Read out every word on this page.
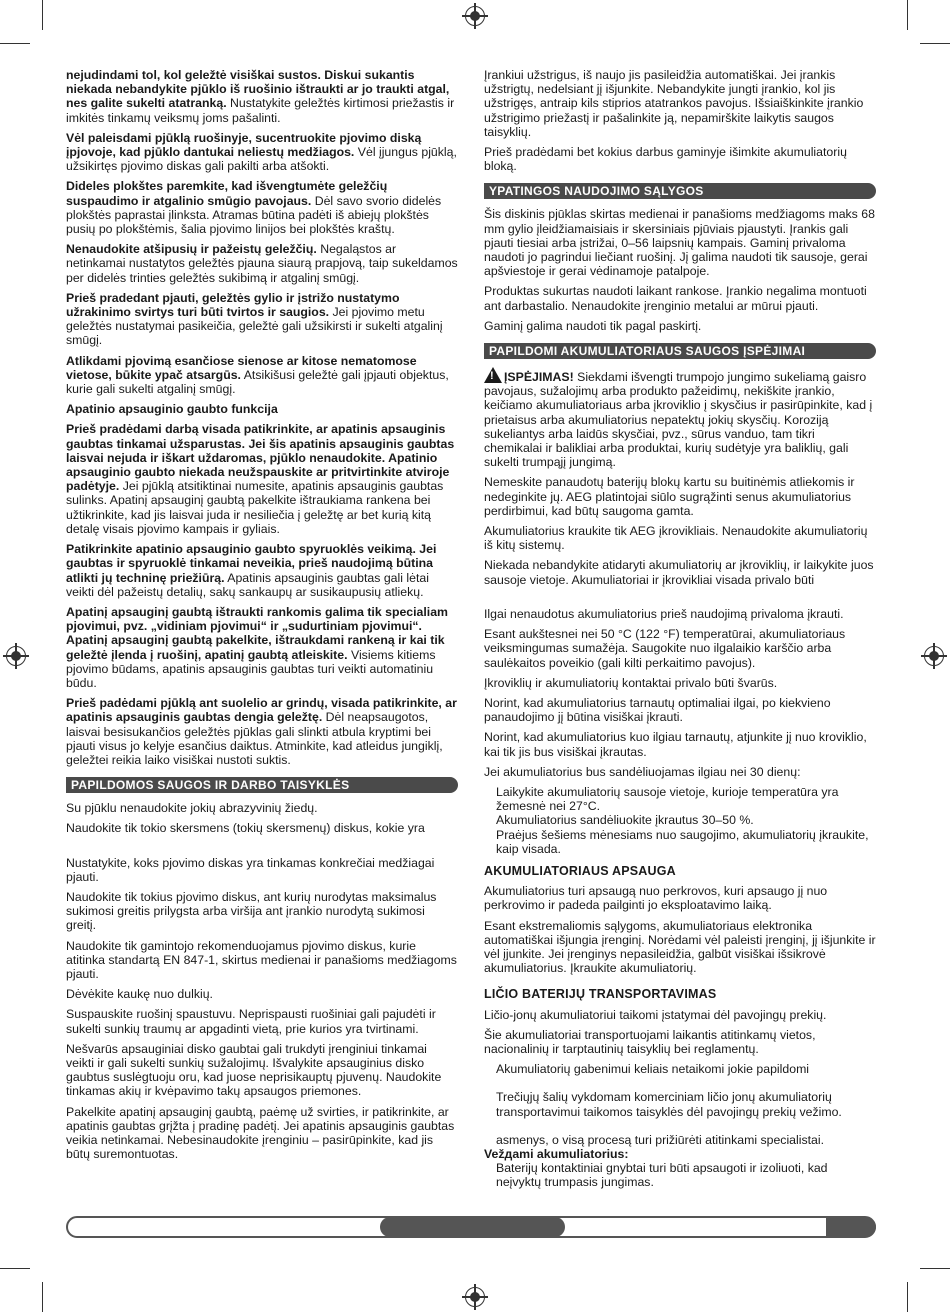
nejudindami tol, kol geležtė visiškai sustos. Diskui sukantis niekada nebandykite pjūklo iš ruošinio ištraukti ar jo traukti atgal, nes galite sukelti atatranką. Nustatykite geležtės kirtimosi priežastis ir imkitės tinkamų veiksmų joms pašalinti.

Vėl paleisdami pjūklą ruošinyje, sucentruokite pjovimo diską įpjovoje, kad pjūklo dantukai neliestų medžiagos. Vėl įjungus pjūklą, užsikirtęs pjovimo diskas gali pakilti arba atšokti.

Dideles plokštes paremkite, kad išvengtumėte geležčių suspaudimo ir atgalinio smūgio pavojaus. Dėl savo svorio didelės plokštės paprastai įlinksta. Atramas būtina padėti iš abiejų plokštės pusių po plokštėmis, šalia pjovimo linijos bei plokštės kraštų.

Nenaudokite atšipusių ir pažeistų geležčių. Negaląstos ar netinkamai nustatytos geležtės pjauna siaurą prapjovą, taip sukeldamos per didelės trinties geležtės sukibimą ir atgalinį smūgį.

Prieš pradedant pjauti, geležtės gylio ir įstrižo nustatymo užrakinimo svirtys turi būti tvirtos ir saugios. Jei pjovimo metu geležtės nustatymai pasikeičia, geležtė gali užsikirsti ir sukelti atgalinį smūgį.

Atlikdami pjovimą esančiose sienose ar kitose nematomose vietose, būkite ypač atsargūs. Atsikišusi geležtė gali įpjauti objektus, kurie gali sukelti atgalinį smūgį.

Apatinio apsauginio gaubto funkcija

Prieš pradėdami darbą visada patikrinkite, ar apatinis apsauginis gaubtas tinkamai užsparustas. Jei šis apatinis apsauginis gaubtas laisvai nejuda ir iškart uždaromas, pjūklo nenaudokite. Apatinio apsauginio gaubto niekada neužspauskite ar pritvirtinkite atviroje padėtyje. Jei pjūklą atsitiktinai numesite, apatinis apsauginis gaubtas sulinks. Apatinį apsauginį gaubtą pakelkite ištraukiama rankena bei užtikrinkite, kad jis laisvai juda ir nesiliečia į geležtę ar bet kurią kitą detalę visais pjovimo kampais ir gyliais.

Patikrinkite apatinio apsauginio gaubto spyruoklės veikimą. Jei gaubtas ir spyruoklė tinkamai neveikia, prieš naudojimą būtina atlikti jų techninę priežiūrą. Apatinis apsauginis gaubtas gali lėtai veikti dėl pažeistų detalių, sakų sankaupų ar susikaupusių atliekų.

Apatinį apsauginį gaubtą ištraukti rankomis galima tik specialiam pjovimui, pvz. „vidiniam pjovimui“ ir „sudurtiniam pjovimui“. Apatinį apsauginį gaubtą pakelkite, ištraukdami rankeną ir kai tik geležtė įlenda į ruošinį, apatinį gaubtą atleiskite. Visiems kitiems pjovimo būdams, apatinis apsauginis gaubtas turi veikti automatiniu būdu.

Prieš padėdami pjūklą ant suolelio ar grindų, visada patikrinkite, ar apatinis apsauginis gaubtas dengia geležtę. Dėl neapsaugotos, laisvai besisukančios geležtės pjūklas gali slinkti atbula kryptimi bei pjauti visus jo kelyje esančius daiktus. Atminkite, kad atleidus jungiklį, geležtei reikia laiko visiškai nustoti suktis.

PAPILDOMOS SAUGOS IR DARBO TAISYKLĖS

Su pjūklu nenaudokite jokių abrazyvinių žiedų.

Naudokite tik tokio skersmens (tokių skersmenų) diskus, kokie yra

Nustatykite, koks pjovimo diskas yra tinkamas konkrečiai medžiagai pjauti.

Naudokite tik tokius pjovimo diskus, ant kurių nurodytas maksimalus sukimosi greitis prilygsta arba viršija ant įrankio nurodytą sukimosi greitį.

Naudokite tik gamintojo rekomenduojamus pjovimo diskus, kurie atitinka standartą EN 847-1, skirtus medienai ir panašioms medžiagoms pjauti.

Dėvėkite kaukę nuo dulkių.

Suspauskite ruošinį spaustuvu. Neprispausti ruošiniai gali pajudėti ir sukelti sunkių traumų ar apgadinti vietą, prie kurios yra tvirtinami.

Nešvarūs apsauginiai disko gaubtai gali trukdyti įrenginiui tinkamai veikti ir gali sukelti sunkių sužalojimų. Išvalykite apsauginius disko gaubtus suslėgtuoju oru, kad juose neprisikauptų pjuvenų. Naudokite tinkamas akių ir kvėpavimo takų apsaugos priemones.

Pakelkite apatinį apsauginį gaubtą, paėmę už svirties, ir patikrinkite, ar apatinis gaubtas grįžta į pradinę padėtį. Jei apatinis apsauginis gaubtas veikia netinkamai. Nebesinaudokite įrenginiu – pasirūpinkite, kad jis būtų suremontuotas.

Įrankiui užstrigus, iš naujo jis pasileidžia automatiškai. Jei įrankis užstrigtų, nedelsiant jį išjunkite. Nebandykite jungti įrankio, kol jis užstrigęs, antraip kils stiprios atatrankos pavojus. Išsiaiškinkite įrankio užstrigimo priežastį ir pašalinkite ją, nepamirškite laikytis saugos taisyklių.

Prieš pradėdami bet kokius darbus gaminyje išimkite akumuliatorių bloką.

YPATINGOS NAUDOJIMO SĄLYGOS

Šis diskinis pjūklas skirtas medienai ir panašioms medžiagoms maks 68 mm gylio įleidžiamaisiais ir skersiniais pjūviais pjaustyti. Įrankis gali pjauti tiesiai arba įstrižai, 0–56 laipsnių kampais. Gaminį privaloma naudoti jo pagrindui liečiant ruošinį. Jį galima naudoti tik sausoje, gerai apšviestoje ir gerai vėdinamoje patalpoje.

Produktas sukurtas naudoti laikant rankose. Įrankio negalima montuoti ant darbastalio. Nenaudokite įrenginio metalui ar mūrui pjauti.

Gaminį galima naudoti tik pagal paskirtį.

PAPILDOMI AKUMULIATORIAUS SAUGOS ĮSPĖJIMAI

!ĮSPĖJIMAS! Siekdami išvengti trumpojo jungimo sukeliamą gaisro pavojaus, sužalojimų arba produkto pažeidimų, nekiškite įrankio, keičiamo akumuliatoriaus arba įkroviklio į skysčius ir pasirūpinkite, kad į prietaisus arba akumuliatorius nepatektų jokių skysčių. Koroziją sukeliantys arba laidūs skysčiai, pvz., sūrus vanduo, tam tikri chemikalai ir balikliai arba produktai, kurių sudėtyje yra baliklių, gali sukelti trumpąjį jungimą.

Nemeskite panaudotų baterijų blokų kartu su buitinėmis atliekomis ir nedeginkite jų. AEG platintojai siūlo sugrąžinti senus akumuliatorius perdirbimui, kad būtų saugoma gamta.

Akumuliatorius kraukite tik AEG įkrovikliais. Nenaudokite akumuliatorių iš kitų sistemų.

Niekada nebandykite atidaryti akumuliatorių ar įkroviklių, ir laikykite juos sausoje vietoje. Akumuliatoriai ir įkrovikliai visada privalo būti

Ilgai nenaudotus akumuliatorius prieš naudojimą privaloma įkrauti.

Esant aukštesnei nei 50 °C (122 °F) temperatūrai, akumuliatoriaus veiksmingumas sumažėja. Saugokite nuo ilgalaikio karščio arba saulėkaitos poveikio (gali kilti perkaitimo pavojus).

Įkroviklių ir akumuliatorių kontaktai privalo būti švarūs.

Norint, kad akumuliatorius tarnautų optimaliai ilgai, po kiekvieno panaudojimo jį būtina visiškai įkrauti.

Norint, kad akumuliatorius kuo ilgiau tarnautų, atjunkite jį nuo kroviklio, kai tik jis bus visiškai įkrautas.

Jei akumuliatorius bus sandėliuojamas ilgiau nei 30 dienų:

Laikykite akumuliatorių sausoje vietoje, kurioje temperatūra yra žemesnė nei 27°C.

Akumuliatorius sandėliuokite įkrautus 30–50 %.

Praėjus šešiems mėnesiams nuo saugojimo, akumuliatorių įkraukite, kaip visada.

AKUMULIATORIAUS APSAUGA

Akumuliatorius turi apsaugą nuo perkrovos, kuri apsaugo jį nuo perkrovimo ir padeda pailginti jo eksploatavimo laiką.

Esant ekstremaliomis sąlygoms, akumuliatoriaus elektronika automatiškai išjungia įrenginį. Norėdami vėl paleisti įrenginį, jį išjunkite ir vėl įjunkite. Jei įrenginys nepasileidžia, galbūt visiškai išsikrovė akumuliatorius. Įkraukite akumuliatorių.

LIČIO BATERIJŲ TRANSPORTAVIMAS

Ličio-jonų akumuliatoriui taikomi įstatymai dėl pavojingų prekių.

Šie akumuliatoriai transportuojami laikantis atitinkamų vietos, nacionalinių ir tarptautinių taisyklių bei reglamentų.

Akumuliatorių gabenimui keliais netaikomi jokie papildomi

Trečiųjų šalių vykdomam komerciniam ličio jonų akumuliatorių transportavimui taikomos taisyklės dėl pavojingų prekių vežimo.

asmenys, o visą procesą turi prižiūrėti atitinkami specialistai.

Vežдami akumuliatorius:

Baterijų kontaktiniai gnybtai turi būti apsaugoti ir izoliuoti, kad neįvyktų trumpasis jungimas.
